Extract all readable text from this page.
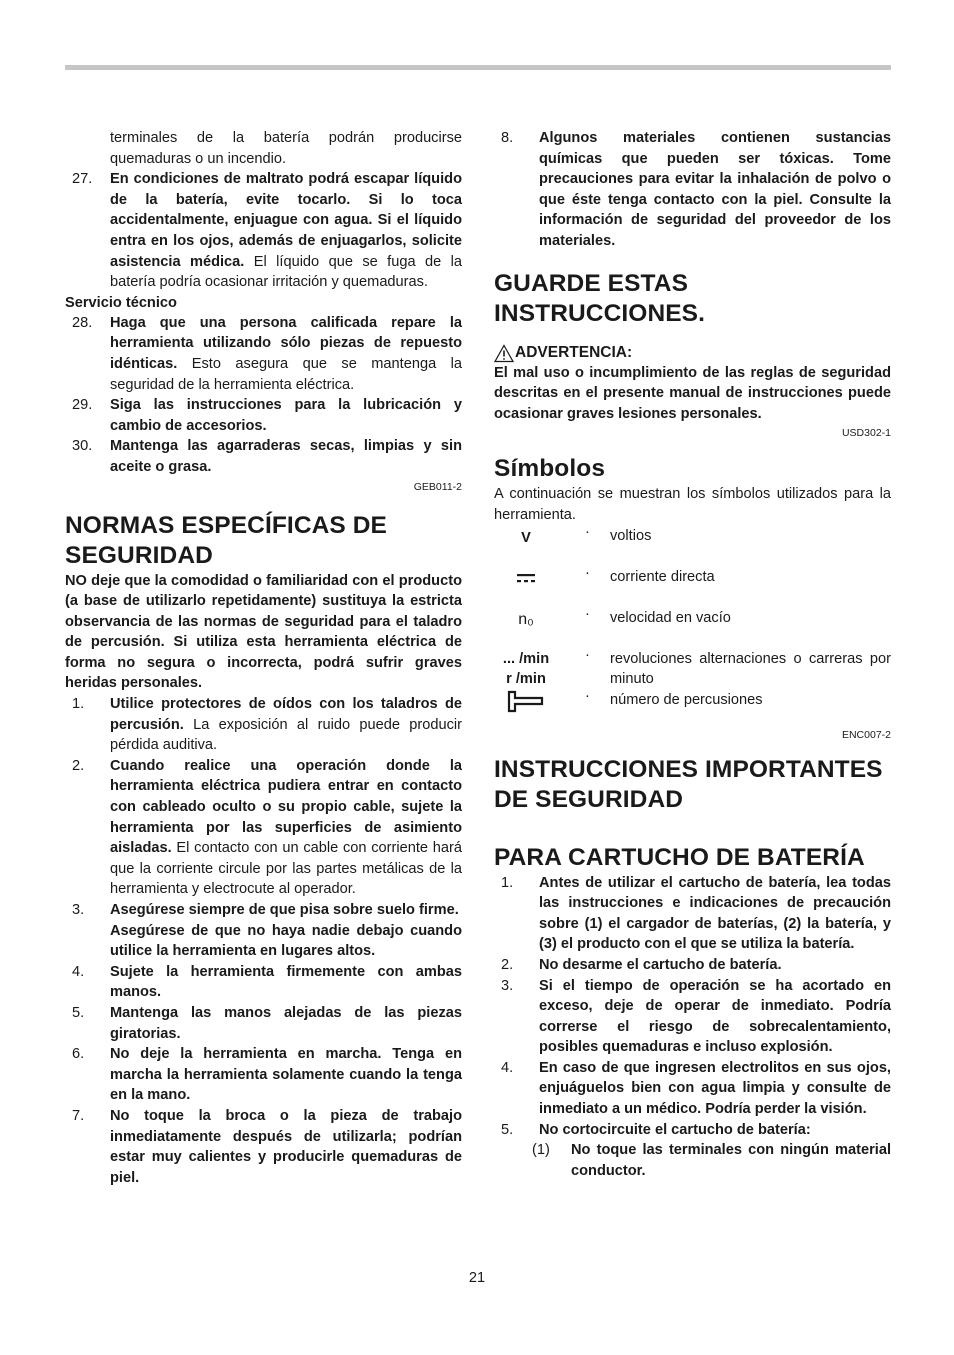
terminales de la batería podrán producirse quemaduras o un incendio.

27. En condiciones de maltrato podrá escapar líquido de la batería, evite tocarlo. Si lo toca accidentalmente, enjuague con agua. Si el líquido entra en los ojos, además de enjuagarlos, solicite asistencia médica. El líquido que se fuga de la batería podría ocasionar irritación y quemaduras.
Servicio técnico
28. Haga que una persona calificada repare la herramienta utilizando sólo piezas de repuesto idénticas. Esto asegura que se mantenga la seguridad de la herramienta eléctrica.
29. Siga las instrucciones para la lubricación y cambio de accesorios.
30. Mantenga las agarraderas secas, limpias y sin aceite o grasa.
GEB011-2
NORMAS ESPECÍFICAS DE SEGURIDAD

NO deje que la comodidad o familiaridad con el producto (a base de utilizarlo repetidamente) sustituya la estricta observancia de las normas de seguridad para el taladro de percusión. Si utiliza esta herramienta eléctrica de forma no segura o incorrecta, podrá sufrir graves heridas personales.

1. Utilice protectores de oídos con los taladros de percusión. La exposición al ruido puede producir pérdida auditiva.
2. Cuando realice una operación donde la herramienta eléctrica pudiera entrar en contacto con cableado oculto o su propio cable, sujete la herramienta por las superficies de asimiento aisladas. El contacto con un cable con corriente hará que la corriente circule por las partes metálicas de la herramienta y electrocute al operador.
3. Asegúrese siempre de que pisa sobre suelo firme.
Asegúrese de que no haya nadie debajo cuando utilice la herramienta en lugares altos.
4. Sujete la herramienta firmemente con ambas manos.
5. Mantenga las manos alejadas de las piezas giratorias.
6. No deje la herramienta en marcha. Tenga en marcha la herramienta solamente cuando la tenga en la mano.
7. No toque la broca o la pieza de trabajo inmediatamente después de utilizarla; podrían estar muy calientes y producirle quemaduras de piel.
8. Algunos materiales contienen sustancias químicas que pueden ser tóxicas. Tome precauciones para evitar la inhalación de polvo o que éste tenga contacto con la piel. Consulte la información de seguridad del proveedor de los materiales.
GUARDE ESTAS INSTRUCCIONES.
ADVERTENCIA:

El mal uso o incumplimiento de las reglas de seguridad descritas en el presente manual de instrucciones puede ocasionar graves lesiones personales.

USD302-1
Símbolos

A continuación se muestran los símbolos utilizados para la herramienta.

V	· voltios
· corriente directa
n₀	· velocidad en vacío
... /min
r /min
· revoluciones alternaciones o carreras por minuto
· número de percusiones
ENC007-2
INSTRUCCIONES IMPORTANTES DE SEGURIDAD
PARA CARTUCHO DE BATERÍA
1. Antes de utilizar el cartucho de batería, lea todas las instrucciones e indicaciones de precaución sobre (1) el cargador de baterías, (2) la batería, y (3) el producto con el que se utiliza la batería.
2. No desarme el cartucho de batería.
3. Si el tiempo de operación se ha acortado en exceso, deje de operar de inmediato. Podría correrse el riesgo de sobrecalentamiento, posibles quemaduras e incluso explosión.
4. En caso de que ingresen electrolitos en sus ojos, enjuáguelos bien con agua limpia y consulte de inmediato a un médico. Podría perder la visión.
5. No cortocircuite el cartucho de batería:
(1) No toque las terminales con ningún material conductor.
21
